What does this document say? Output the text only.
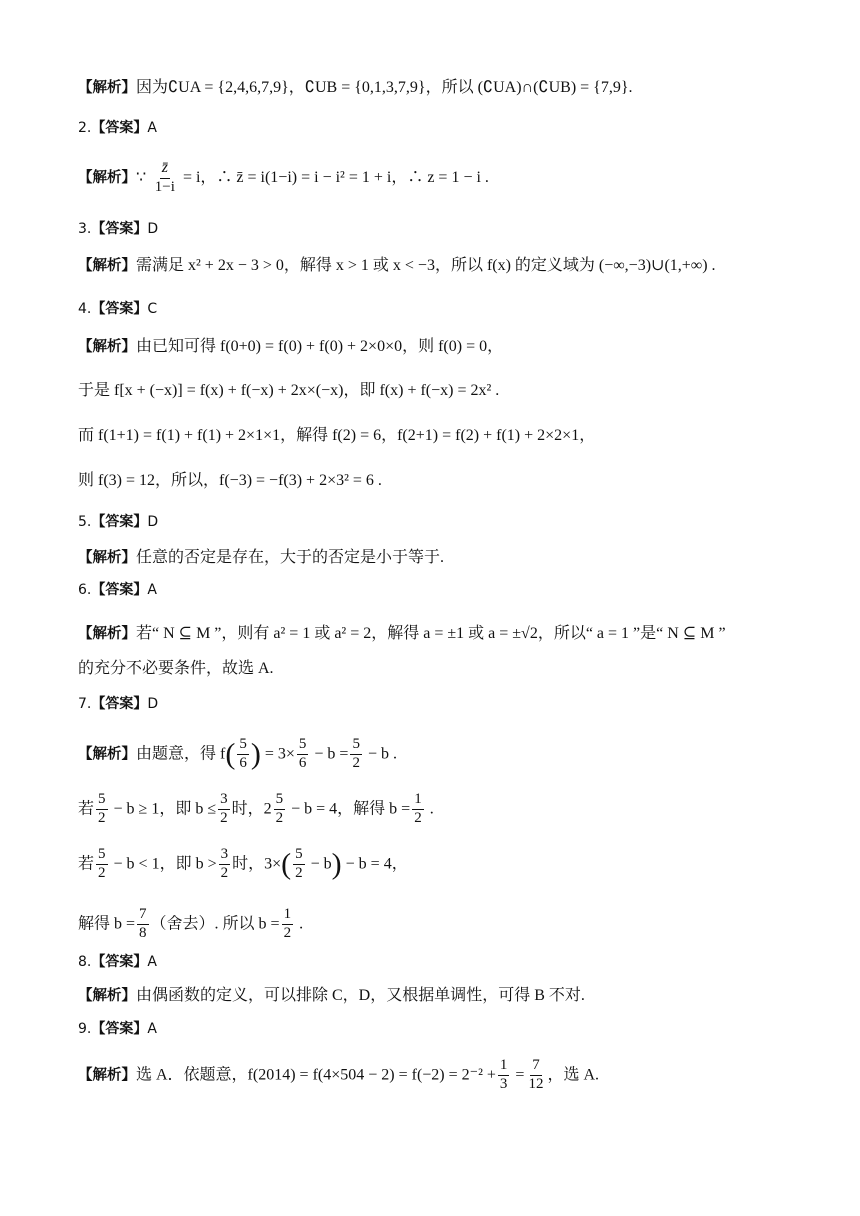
【解析】因为∁UA = {2,4,6,7,9}，∁UB = {0,1,3,7,9}，所以 (∁UA)∩(∁UB) = {7,9}.
2.【答案】A
【解析】∵ $\frac{z̄}{1-i} = i$，∴ z̄ = i(1−i) = i − i² = 1 + i，∴ z = 1 − i .
3.【答案】D
【解析】需满足 x² + 2x − 3 > 0，解得 x > 1 或 x < −3，所以 f(x) 的定义域为 (−∞,−3)∪(1,+∞) .
4.【答案】C
【解析】由已知可得 f(0+0) = f(0) + f(0) + 2×0×0，则 f(0) = 0，
于是 f[x + (−x)] = f(x) + f(−x) + 2x×(−x)，即 f(x) + f(−x) = 2x² .
而 f(1+1) = f(1) + f(1) + 2×1×1，解得 f(2) = 6，f(2+1) = f(2) + f(1) + 2×2×1，
则 f(3) = 12，所以，f(−3) = −f(3) + 2×3² = 6 .
5.【答案】D
【解析】任意的否定是存在，大于的否定是小于等于.
6.【答案】A
【解析】若“ N ⊆ M ”，则有 a² = 1 或 a² = 2，解得 a = ±1 或 a = ±√2，所以“ a = 1 ”是“ N ⊆ M ”
的充分不必要条件，故选 A.
7.【答案】D
【解析】由题意，得 $f( \frac{5}{6}$ ) = $3\times \frac{5}{6} - b = \frac{5}{2} - b$ .
若 $\frac{5}{2} - b \ge 1$，即 $b \le \frac{3}{2}$ 时，$2 \frac{5}{2} - b = 4$，解得 $b = \frac{1}{2}$ .
若 $\frac{5}{2} - b < 1$，即 $b > \frac{3}{2}$ 时，$3\times( \frac{5}{2} - b) - b = 4$，
解得 $b = \frac{7}{8}$ （舍去）. 所以 $b = \frac{1}{2}$ .
8.【答案】A
【解析】由偶函数的定义，可以排除 C，D，又根据单调性，可得 B 不对.
9.【答案】A
【解析】选 A．依题意，$f(2014) = f(4\times 504 - 2) = f(-2) = 2^{-2} + \frac{1}{3} = \frac{7}{12}$ ，选 A.
